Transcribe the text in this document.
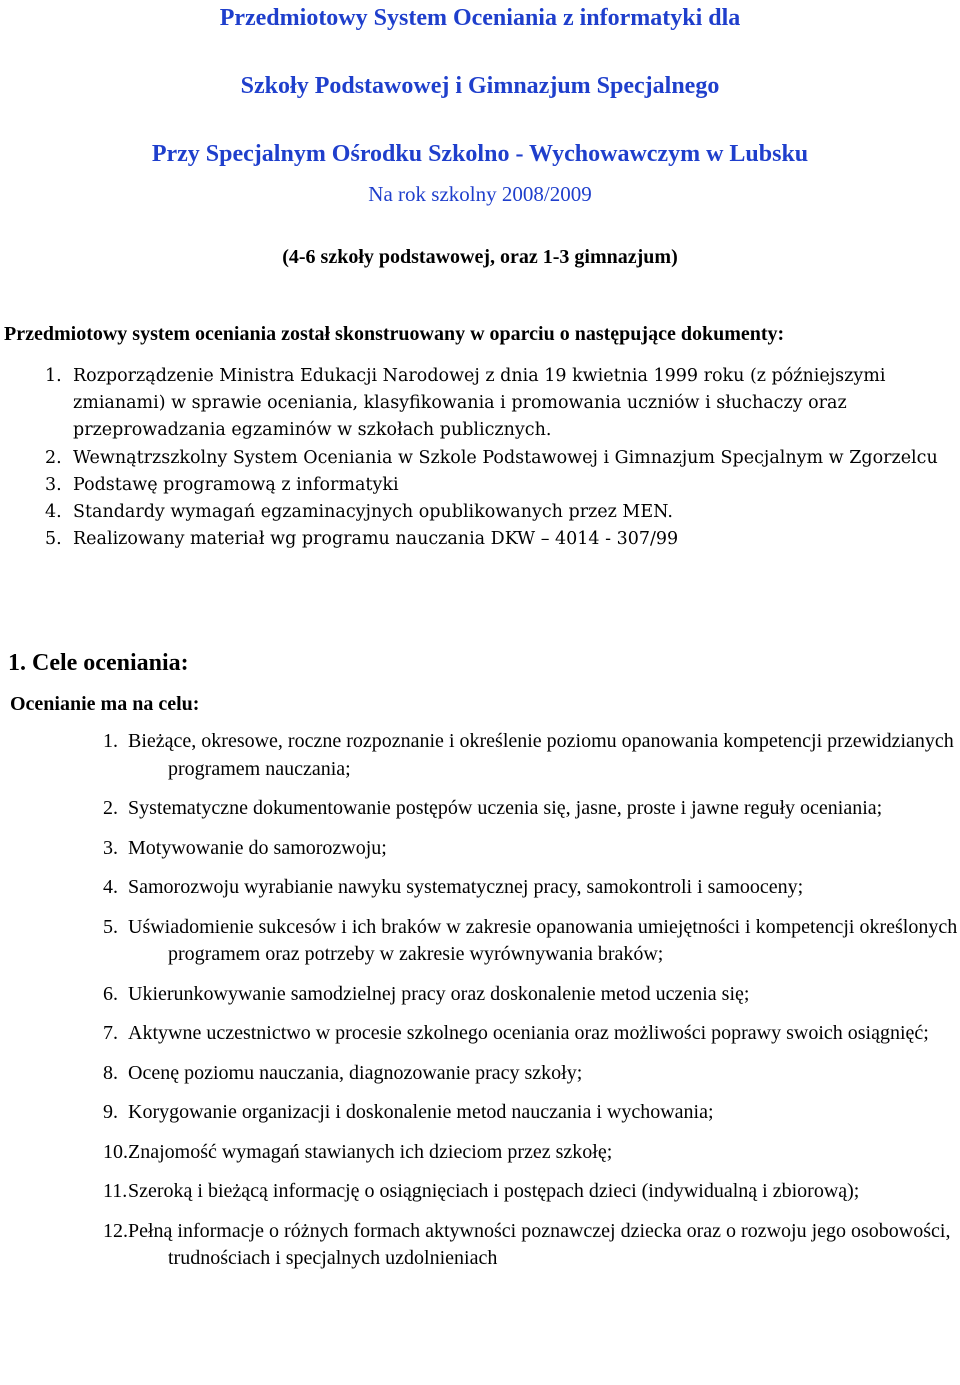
Przedmiotowy System Oceniania z informatyki dla
Szkoły Podstawowej i Gimnazjum Specjalnego
Przy Specjalnym Ośrodku Szkolno - Wychowawczym w Lubsku
Na rok szkolny 2008/2009
(4-6 szkoły podstawowej, oraz 1-3 gimnazjum)
Przedmiotowy system oceniania został skonstruowany w oparciu o następujące dokumenty:
1. Rozporządzenie Ministra Edukacji Narodowej z dnia 19 kwietnia 1999 roku (z późniejszymi zmianami) w sprawie oceniania, klasyfikowania i promowania uczniów i słuchaczy oraz przeprowadzania egzaminów w szkołach publicznych.
2. Wewnątrzszkolny System Oceniania w Szkole Podstawowej i Gimnazjum Specjalnym w Zgorzelcu
3. Podstawę programową z informatyki
4. Standardy wymagań egzaminacyjnych opublikowanych przez MEN.
5. Realizowany materiał wg programu nauczania DKW – 4014 - 307/99
1. Cele oceniania:
Ocenianie ma na celu:
1. Bieżące, okresowe, roczne rozpoznanie i określenie poziomu opanowania kompetencji przewidzianych programem nauczania;
2. Systematyczne dokumentowanie postępów uczenia się, jasne, proste i jawne reguły oceniania;
3. Motywowanie do samorozwoju;
4. Samorozwoju wyrabianie nawyku systematycznej pracy, samokontroli i samooceny;
5. Uświadomienie sukcesów i ich braków w zakresie opanowania umiejętności i kompetencji określonych programem oraz potrzeby w zakresie wyrównywania braków;
6. Ukierunkowywanie samodzielnej pracy oraz doskonalenie metod uczenia się;
7. Aktywne uczestnictwo w procesie szkolnego oceniania oraz możliwości poprawy swoich osiągnięć;
8. Ocenę poziomu nauczania, diagnozowanie pracy szkoły;
9. Korygowanie organizacji i doskonalenie metod nauczania i wychowania;
10. Znajomość wymagań stawianych ich dzieciom przez szkołę;
11. Szeroką i bieżącą informację o osiągnięciach i postępach dzieci (indywidualną i zbiorową);
12. Pełną informacje o różnych formach aktywności poznawczej dziecka oraz o rozwoju jego osobowości, trudnościach i specjalnych uzdolnieniach
